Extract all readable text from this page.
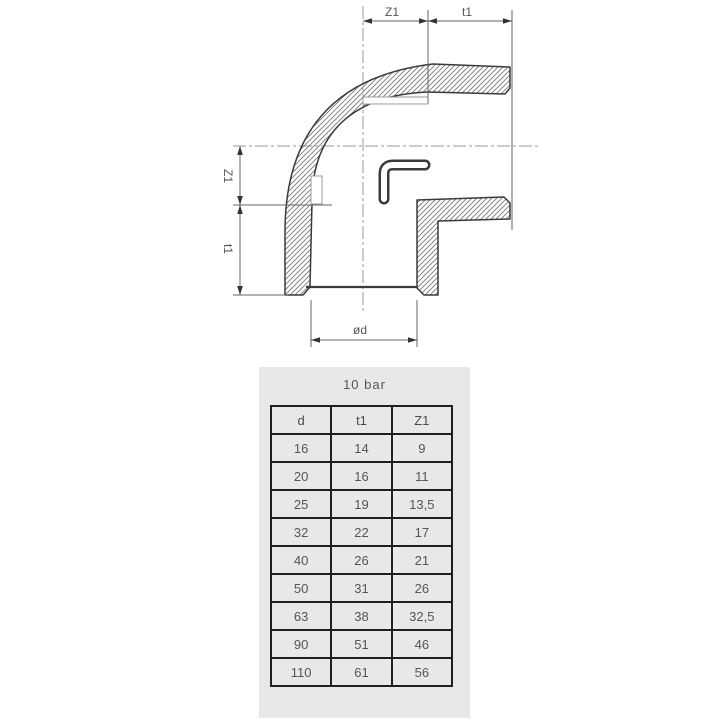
Z1	t1
Z1
t1
ød
10 bar
d	t1	Z1
16	14	9
20	16	11
25	19	13,5
32	22	17
40	26	21
50	31	26
63	38	32,5
90	51	46
110	61	56
